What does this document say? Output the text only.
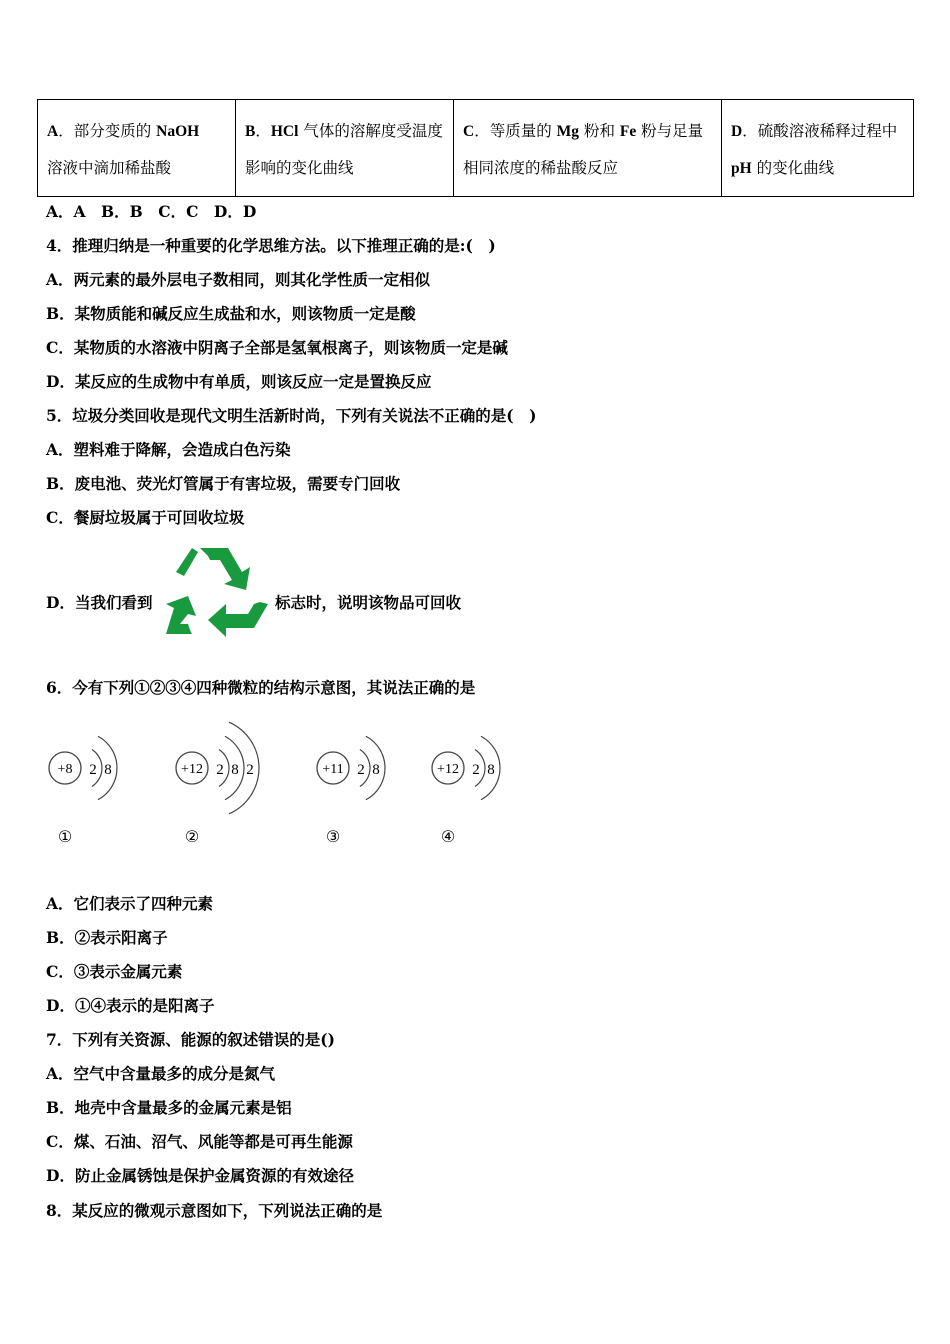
A．部分变质的 NaOH
溶液中滴加稀盐酸	B．HCl 气体的溶解度受温度影响的变化曲线	C．等质量的 Mg 粉和 Fe 粉与足量相同浓度的稀盐酸反应	D．硫酸溶液稀释过程中 pH 的变化曲线
A．A　B．B　C．C　D．D
4．推理归纳是一种重要的化学思维方法。以下推理正确的是:(　)
A．两元素的最外层电子数相同，则其化学性质一定相似
B．某物质能和碱反应生成盐和水，则该物质一定是酸
C．某物质的水溶液中阴离子全部是氢氧根离子，则该物质一定是碱
D．某反应的生成物中有单质，则该反应一定是置换反应
5．垃圾分类回收是现代文明生活新时尚，下列有关说法不正确的是(　)
A．塑料难于降解，会造成白色污染
B．废电池、荧光灯管属于有害垃圾，需要专门回收
C．餐厨垃圾属于可回收垃圾
D．当我们看到	标志时，说明该物品可回收
6．今有下列①②③④四种微粒的结构示意图，其说法正确的是
+8 2 8
①
+12 2 8 2
②
+11 2 8
③
+12 2 8
④
A．它们表示了四种元素
B．②表示阳离子
C．③表示金属元素
D．①④表示的是阳离子
7．下列有关资源、能源的叙述错误的是()
A．空气中含量最多的成分是氮气
B．地壳中含量最多的金属元素是铝
C．煤、石油、沼气、风能等都是可再生能源
D．防止金属锈蚀是保护金属资源的有效途径
8．某反应的微观示意图如下，下列说法正确的是
